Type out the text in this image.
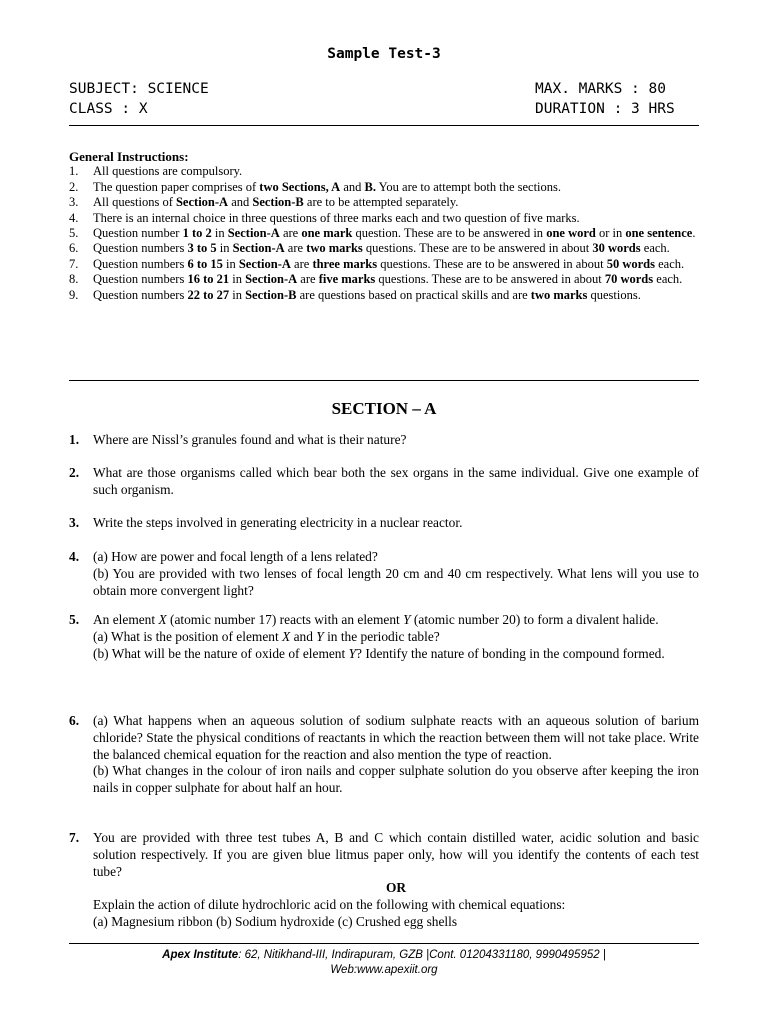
Sample Test-3
SUBJECT: SCIENCE
CLASS : X
MAX. MARKS : 80
DURATION : 3 HRS
General Instructions:
1. All questions are compulsory.
2. The question paper comprises of two Sections, A and B. You are to attempt both the sections.
3. All questions of Section-A and Section-B are to be attempted separately.
4. There is an internal choice in three questions of three marks each and two question of five marks.
5. Question number 1 to 2 in Section-A are one mark question. These are to be answered in one word or in one sentence.
6. Question numbers 3 to 5 in Section-A are two marks questions. These are to be answered in about 30 words each.
7. Question numbers 6 to 15 in Section-A are three marks questions. These are to be answered in about 50 words each.
8. Question numbers 16 to 21 in Section-A are five marks questions. These are to be answered in about 70 words each.
9. Question numbers 22 to 27 in Section-B are questions based on practical skills and are two marks questions.
SECTION – A
1. Where are Nissl’s granules found and what is their nature?

2. What are those organisms called which bear both the sex organs in the same individual. Give one example of such organism.

3. Write the steps involved in generating electricity in a nuclear reactor.

4. (a) How are power and focal length of a lens related?

(b) You are provided with two lenses of focal length 20 cm and 40 cm respectively. What lens will you use to obtain more convergent light?

5. An element X (atomic number 17) reacts with an element Y (atomic number 20) to form a divalent halide.

(a) What is the position of element X and Y in the periodic table?

(b) What will be the nature of oxide of element Y? Identify the nature of bonding in the compound formed.

6. (a) What happens when an aqueous solution of sodium sulphate reacts with an aqueous solution of barium chloride? State the physical conditions of reactants in which the reaction between them will not take place. Write the balanced chemical equation for the reaction and also mention the type of reaction.

(b) What changes in the colour of iron nails and copper sulphate solution do you observe after keeping the iron nails in copper sulphate for about half an hour.

7. You are provided with three test tubes A, B and C which contain distilled water, acidic solution and basic solution respectively. If you are given blue litmus paper only, how will you identify the contents of each test tube?

OR

Explain the action of dilute hydrochloric acid on the following with chemical equations:

(a) Magnesium ribbon (b) Sodium hydroxide (c) Crushed egg shells

Apex Institute: 62, Nitikhand-III, Indirapuram, GZB |Cont. 01204331180, 9990495952 |
Web:www.apexiit.org
